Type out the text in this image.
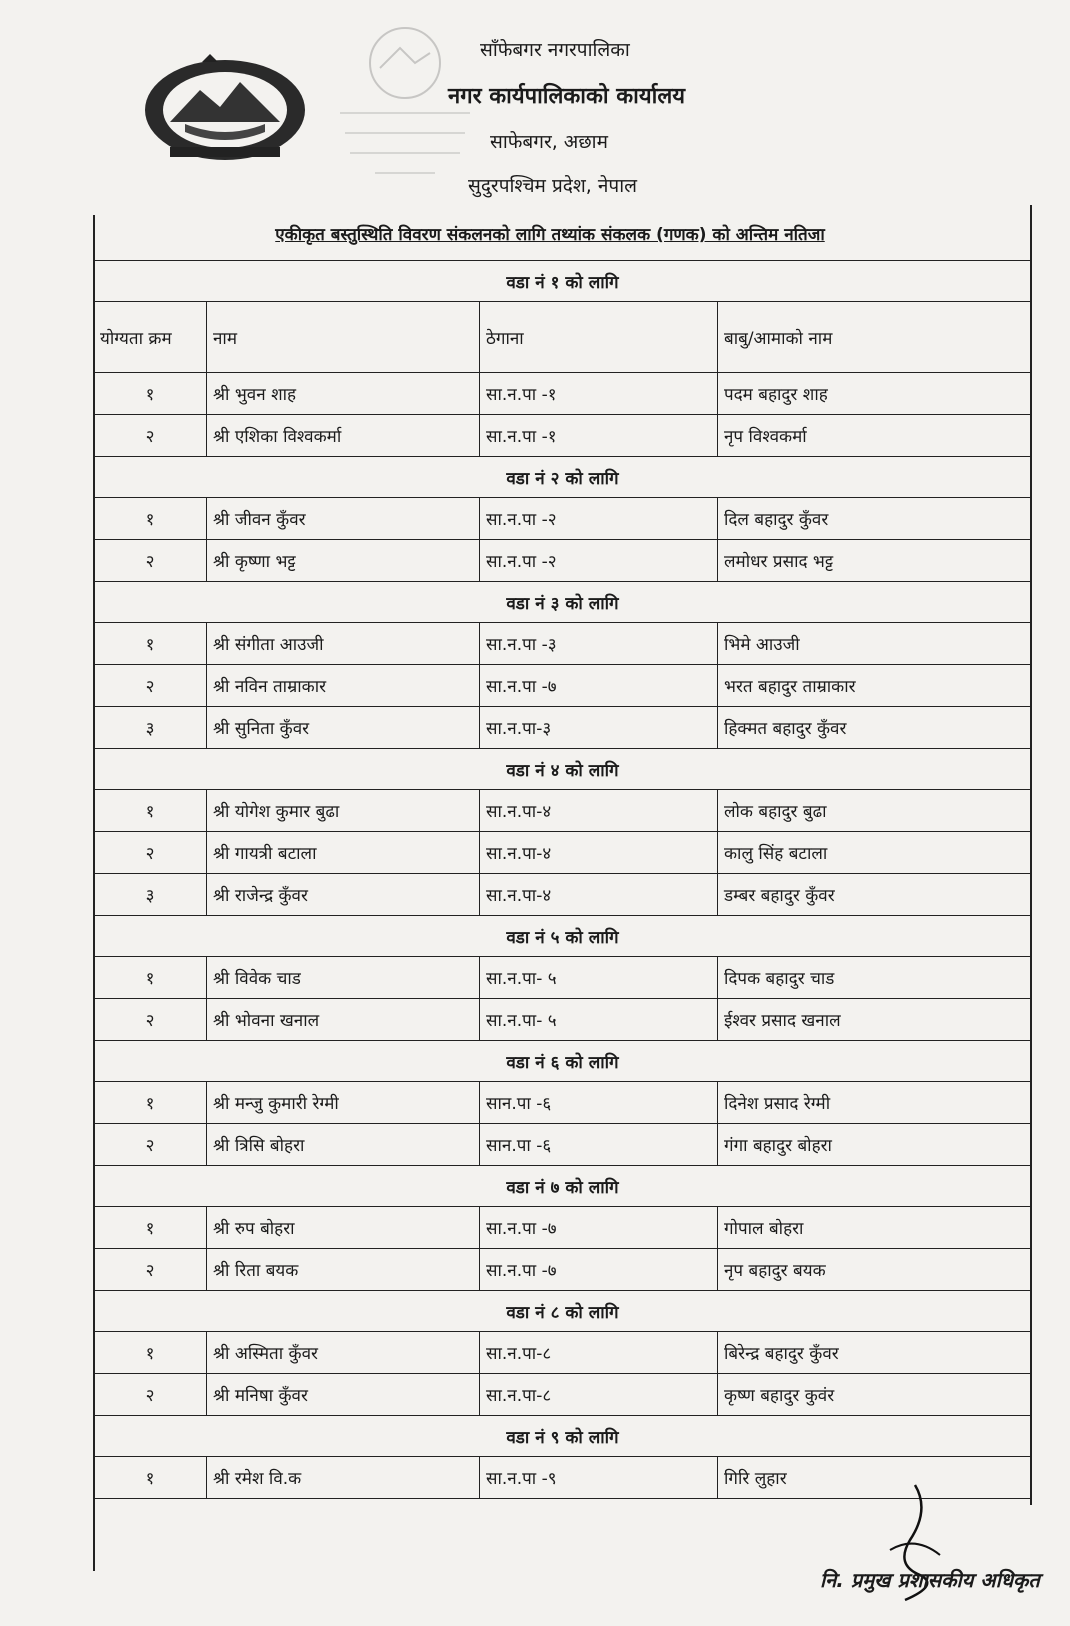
साँफेबगर नगरपालिका
नगर कार्यपालिकाको कार्यालय
साफेबगर, अछाम
सुदुरपश्चिम प्रदेश, नेपाल
एकीकृत बस्तुस्थिति विवरण संकलनको लागि तथ्यांक संकलक (गणक) को अन्तिम नतिजा
वडा नं १ को लागि			
योग्यता क्रम	नाम	ठेगाना	बाबु/आमाको नाम
१	श्री भुवन शाह	सा.न.पा -१	पदम बहादुर शाह
२	श्री एशिका विश्वकर्मा	सा.न.पा -१	नृप विश्वकर्मा
वडा नं २ को लागि			
१	श्री जीवन कुँवर	सा.न.पा -२	दिल बहादुर कुँवर
२	श्री कृष्णा भट्ट	सा.न.पा -२	लमोधर प्रसाद भट्ट
वडा नं ३ को लागि			
१	श्री संगीता आउजी	सा.न.पा -३	भिमे आउजी
२	श्री नविन ताम्राकार	सा.न.पा -७	भरत बहादुर ताम्राकार
३	श्री सुनिता कुँवर	सा.न.पा-३	हिक्मत बहादुर कुँवर
वडा नं ४ को लागि			
१	श्री योगेश कुमार बुढा	सा.न.पा-४	लोक बहादुर बुढा
२	श्री गायत्री बटाला	सा.न.पा-४	कालु सिंह बटाला
३	श्री राजेन्द्र कुँवर	सा.न.पा-४	डम्बर बहादुर कुँवर
वडा नं ५ को लागि			
१	श्री विवेक चाड	सा.न.पा- ५	दिपक बहादुर चाड
२	श्री भोवना खनाल	सा.न.पा- ५	ईश्वर प्रसाद खनाल
वडा नं ६ को लागि			
१	श्री मन्जु कुमारी रेग्मी	सान.पा -६	दिनेश प्रसाद रेग्मी
२	श्री त्रिसि बोहरा	सान.पा -६	गंगा बहादुर बोहरा
वडा नं ७ को लागि			
१	श्री रुप बोहरा	सा.न.पा -७	गोपाल बोहरा
२	श्री रिता बयक	सा.न.पा -७	नृप बहादुर बयक
वडा नं ८ को लागि			
१	श्री अस्मिता कुँवर	सा.न.पा-८	बिरेन्द्र बहादुर कुँवर
२	श्री मनिषा कुँवर	सा.न.पा-८	कृष्ण बहादुर कुवंर
वडा नं ९ को लागि			
१	श्री रमेश वि.क	सा.न.पा -९	गिरि लुहार
नि. प्रमुख प्रशासकीय अधिकृत
